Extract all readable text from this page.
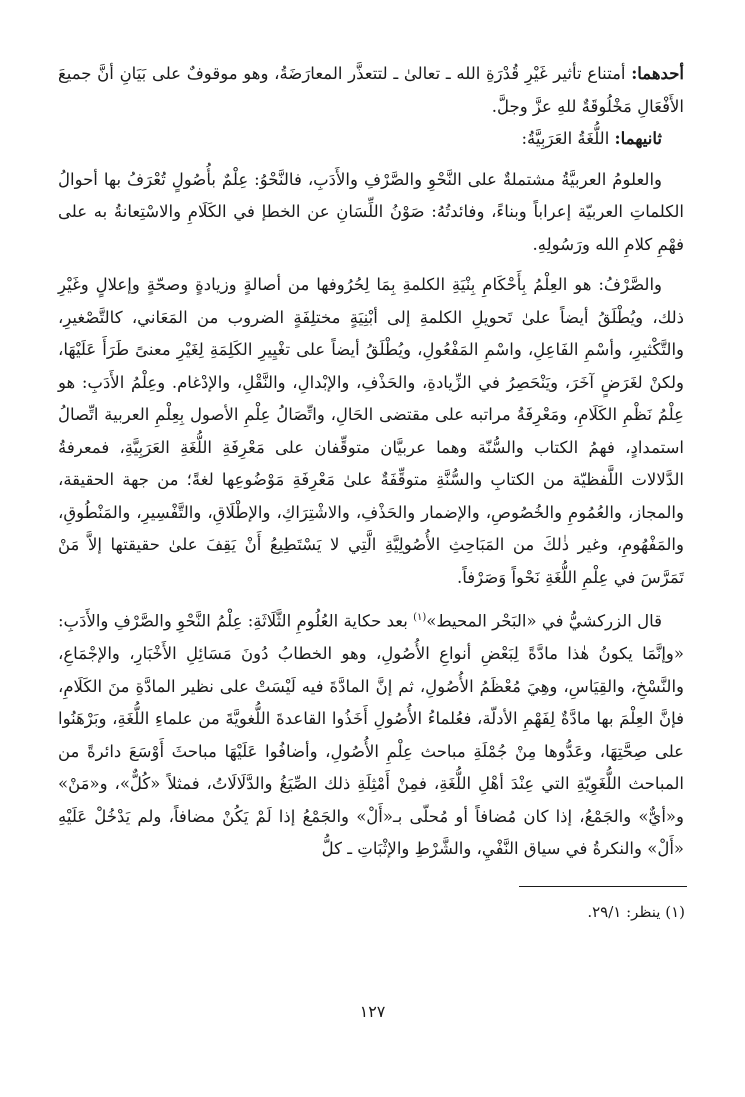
أحدهما: أمتناع تأثير غَيْرِ قُدْرَةِ الله ـ تعالىٰ ـ لتتعذَّر المعارَضَةُ، وهو موقوفٌ على بَيَانِ أنَّ جميعَ الأَفْعَالِ مَخْلُوقَةٌ للهِ عزَّ وجلَّ.

ثانيهما: اللُّغَةُ العَرَبِيَّةُ:

والعلومُ العربيَّةُ مشتملةٌ على النَّحْوِ والصَّرْفِ والأَدَبِ، فالنَّحْوُ: عِلْمٌ بأُصُولٍ تُعْرَفُ بها أحوالُ الكلماتِ العربيّة إعراباً وبناءً، وفائدتُهُ: صَوْنُ اللِّسَانِ عن الخطإ في الكَلَامِ والاسْتِعانةُ به على فهْمِ كلامِ الله ورَسُولِهِ.

والصَّرْفُ: هو العِلْمُ بِأَحْكَامِ بِنْيَةِ الكلمةِ بِمَا لِحُرُوفها من أصالةٍ وزيادةٍ وصحّةٍ وإعلالٍ وغَيْرِ ذلك، ويُطْلَقُ أيضاً علىٰ تَحويلِ الكلمةِ إلى أبْنِيَةٍ مختلِفَةٍ الضروب من المَعَاني، كالتَّصْغيرِ، والتَّكْثيرِ، وأسْمِ الفَاعِلِ، واسْمِ المَفْعُولِ، ويُطْلَقُ أيضاً على تغْيِيرِ الكَلِمَةِ لِغَيْرِ معنىً طَرَأَ عَلَيْهَا، ولكنْ لغَرَضٍ آخَرَ، ويَنْحَصِرُ في الزِّيادةِ، والحَذْفِ، والإبْدالِ، والنَّقْلِ، والإدْغام. وعِلْمُ الأَدَبِ: هو عِلْمُ نَظْمِ الكَلَامِ، ومَعْرِفَةُ مراتبه على مقتضى الحَالِ، واتِّصَالُ عِلْمِ الأصول بِعِلْمِ العربية اتِّصالُ استمدادٍ، فهمُ الكتاب والسُّنّة وهما عربيَّان متوقِّفان على مَعْرِفَةِ اللُّغَةِ العَرَبِيَّةِ، فمعرفةُ الدَّلالات اللَّفظيّة من الكتابِ والسُّنَّةِ متوقِّفَةٌ علىٰ مَعْرِفَةِ مَوْضُوعِها لغةً؛ من جهة الحقيقة، والمجاز، والعُمُومِ والخُصُوصِ، والإضمار والحَذْفِ، والاشْتِرَاكِ، والإطْلَاقِ، والتَّفْسِيرِ، والمَنْطُوقِ، والمَفْهُومِ، وغير ذٰلكَ من المَبَاحِثِ الأُصُولِيَّةِ الَّتِي لا يَسْتَطِيعُ أَنْ يَقِفَ علىٰ حقيقتها إلاَّ مَنْ تَمَرَّسَ في عِلْمِ اللُّغَةِ نَحْواً وَصَرْفاً.

قال الزركشيُّ في «البَحْر المحيط»$^{(١)}$ بعد حكاية العُلُومِ الثَّلَاثَةِ: عِلْمُ النَّحْوِ والصَّرْفِ والأَدَبِ: «وإنَّمَا يكونُ هٰذا مادَّةً لِبَعْضِ أنواعِ الأُصُولِ، وهو الخطابُ دُونَ مَسَائِلِ الأَخْبَارِ، والإجْمَاعِ، والنَّسْخِ، والقِيَاسِ، وهِيَ مُعْظَمُ الأُصُولِ، ثم إنَّ المادَّةَ فيه لَيْسَتْ على نظير المادَّةِ منَ الكَلَامِ، فإنَّ العِلْمَ بها مادَّةٌ لِفَهْمِ الأدلّة، فعُلماءُ الأُصُولِ أَخَذُوا القاعدةَ اللُّغويَّةَ من علماءِ اللُّغَةِ، وبَرْهَنُوا على صِحَّتِهَا، وعَدُّوها مِنْ جُمْلَةِ مباحث عِلْمِ الأُصُولِ، وأضافُوا عَلَيْهَا مباحثَ أَوْسَعَ دائرةً من المباحث اللُّغَوِيّةِ التي عِنْدَ أهْلِ اللُّغَةِ، فمِنْ أَمْثِلَةِ ذلك الصِّيَغُ والدَّلَالَاتُ، فمثلاً «كُلٌّ»، و«مَنْ» و«أيٌّ» والجَمْعُ، إذا كان مُضافاً أو مُحلّى بـ«أَلْ» والجَمْعُ إذا لَمْ يَكُنْ مضافاً، ولم يَدْخُلْ عَلَيْهِ «أَلْ» والنكرةُ في سياق النَّفْيِ، والشَّرْطِ والإثْبَاتِ ـ كلُّ

(١) ينظر: ٢٩/١.
١٢٧
